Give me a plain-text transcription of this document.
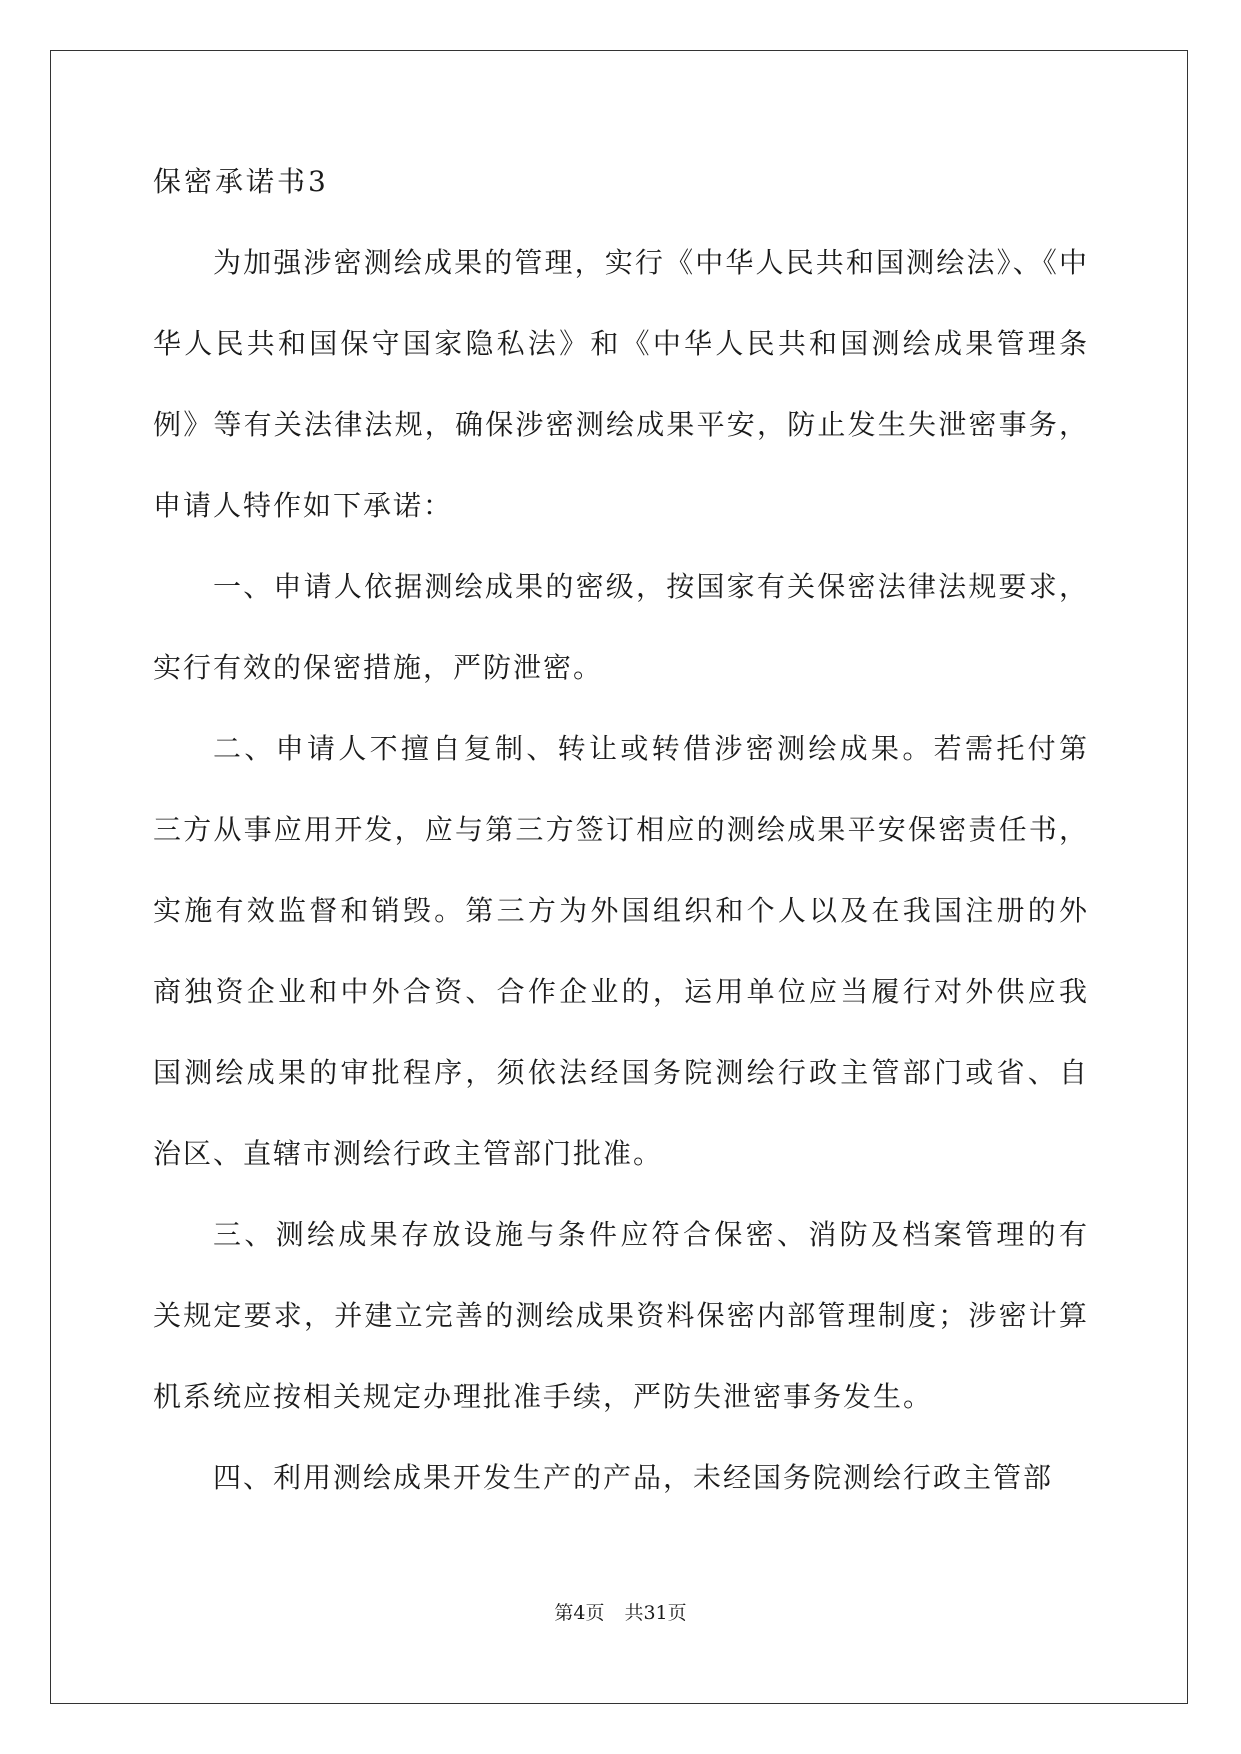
保密承诺书3
为加强涉密测绘成果的管理，实行《中华人民共和国测绘法》、《中
华人民共和国保守国家隐私法》和《中华人民共和国测绘成果管理条
例》等有关法律法规，确保涉密测绘成果平安，防止发生失泄密事务，
申请人特作如下承诺：
一、申请人依据测绘成果的密级，按国家有关保密法律法规要求，
实行有效的保密措施，严防泄密。
二、申请人不擅自复制、转让或转借涉密测绘成果。若需托付第
三方从事应用开发，应与第三方签订相应的测绘成果平安保密责任书，
实施有效监督和销毁。第三方为外国组织和个人以及在我国注册的外
商独资企业和中外合资、合作企业的，运用单位应当履行对外供应我
国测绘成果的审批程序，须依法经国务院测绘行政主管部门或省、自
治区、直辖市测绘行政主管部门批准。
三、测绘成果存放设施与条件应符合保密、消防及档案管理的有
关规定要求，并建立完善的测绘成果资料保密内部管理制度；涉密计算
机系统应按相关规定办理批准手续，严防失泄密事务发生。
四、利用测绘成果开发生产的产品，未经国务院测绘行政主管部
第4页 共31页
